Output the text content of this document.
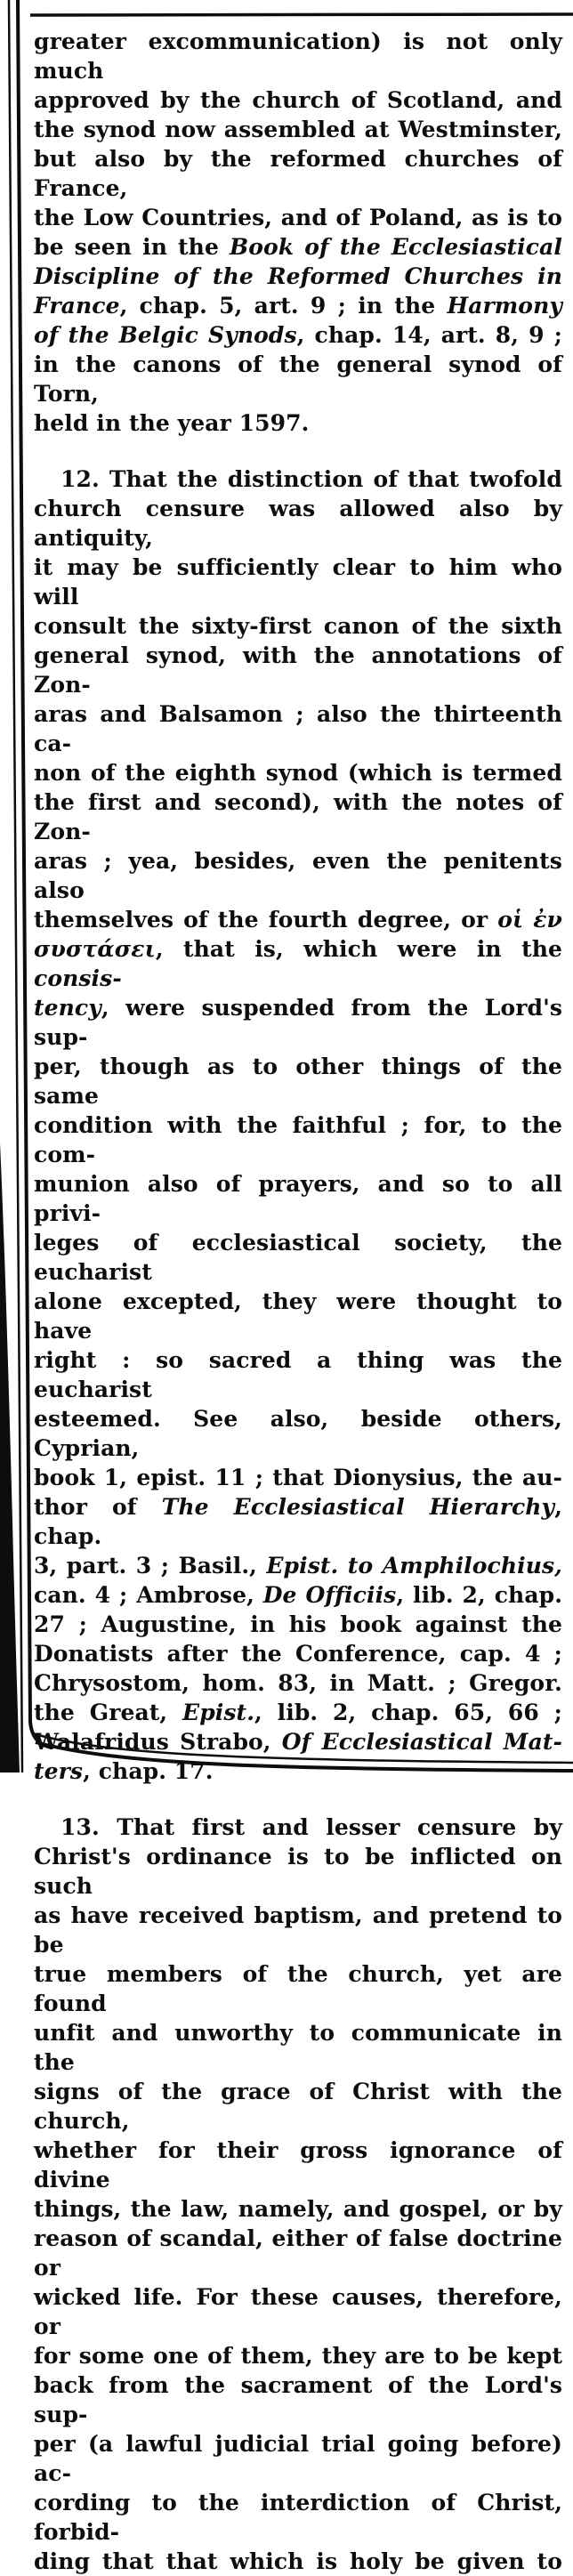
greater excommunication) is not only much
approved by the church of Scotland, and
the synod now assembled at Westminster,
but also by the reformed churches of France,
the Low Countries, and of Poland, as is to
be seen in the Book of the Ecclesiastical
Discipline of the Reformed Churches in
France, chap. 5, art. 9 ; in the Harmony
of the Belgic Synods, chap. 14, art. 8, 9 ;
in the canons of the general synod of Torn,
held in the year 1597.
12. That the distinction of that twofold
church censure was allowed also by antiquity,
it may be sufficiently clear to him who will
consult the sixty-first canon of the sixth
general synod, with the annotations of Zon-
aras and Balsamon ; also the thirteenth ca-
non of the eighth synod (which is termed
the first and second), with the notes of Zon-
aras ; yea, besides, even the penitents also
themselves of the fourth degree, or οἱ ἐν
συστάσει, that is, which were in the consis-
tency, were suspended from the Lord's sup-
per, though as to other things of the same
condition with the faithful ; for, to the com-
munion also of prayers, and so to all privi-
leges of ecclesiastical society, the eucharist
alone excepted, they were thought to have
right : so sacred a thing was the eucharist
esteemed. See also, beside others, Cyprian,
book 1, epist. 11 ; that Dionysius, the au-
thor of The Ecclesiastical Hierarchy, chap.
3, part. 3 ; Basil., Epist. to Amphilochius,
can. 4 ; Ambrose, De Officiis, lib. 2, chap.
27 ; Augustine, in his book against the
Donatists after the Conference, cap. 4 ;
Chrysostom, hom. 83, in Matt. ; Gregor.
the Great, Epist., lib. 2, chap. 65, 66 ;
Walafridus Strabo, Of Ecclesiastical Mat-
ters, chap. 17.
13. That first and lesser censure by
Christ's ordinance is to be inflicted on such
as have received baptism, and pretend to be
true members of the church, yet are found
unfit and unworthy to communicate in the
signs of the grace of Christ with the church,
whether for their gross ignorance of divine
things, the law, namely, and gospel, or by
reason of scandal, either of false doctrine or
wicked life. For these causes, therefore, or
for some one of them, they are to be kept
back from the sacrament of the Lord's sup-
per (a lawful judicial trial going before) ac-
cording to the interdiction of Christ, forbid-
ding that that which is holy be given to
